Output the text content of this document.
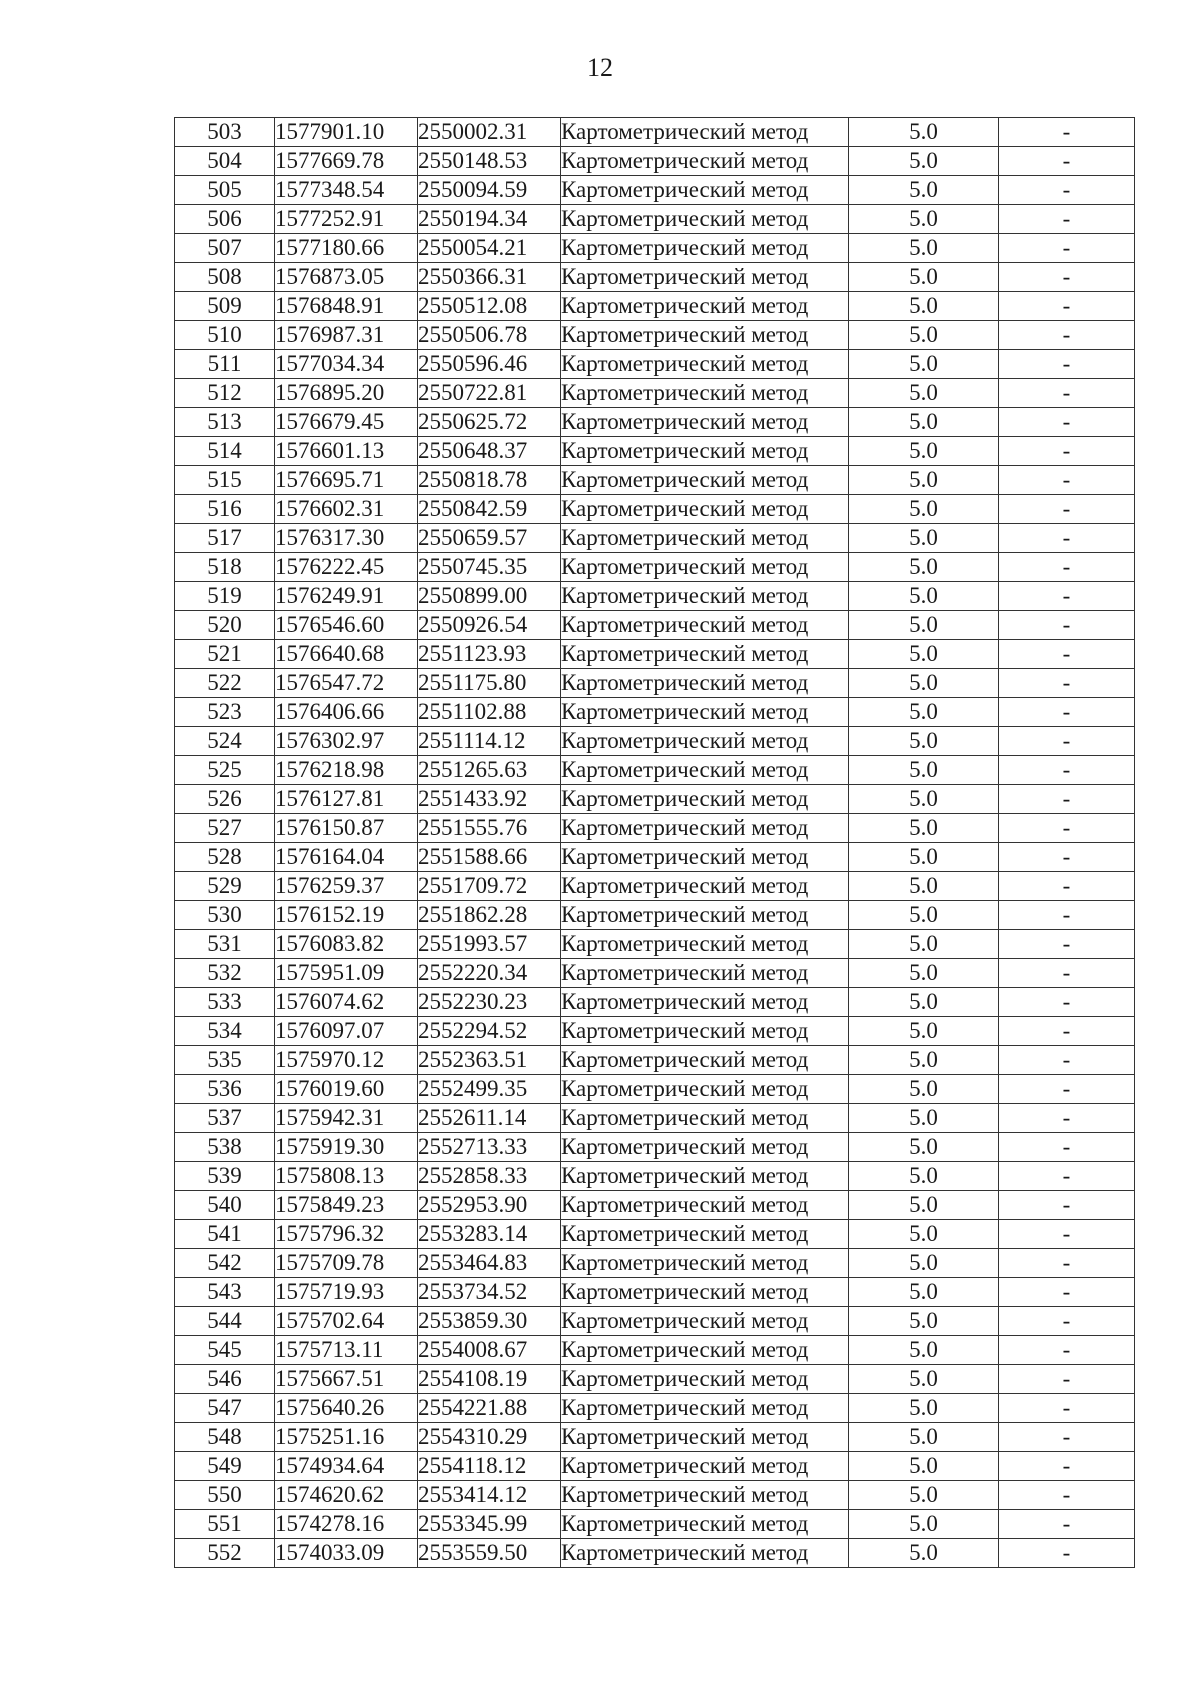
12
503	1577901.10	2550002.31	Картометрический метод	5.0	-
504	1577669.78	2550148.53	Картометрический метод	5.0	-
505	1577348.54	2550094.59	Картометрический метод	5.0	-
506	1577252.91	2550194.34	Картометрический метод	5.0	-
507	1577180.66	2550054.21	Картометрический метод	5.0	-
508	1576873.05	2550366.31	Картометрический метод	5.0	-
509	1576848.91	2550512.08	Картометрический метод	5.0	-
510	1576987.31	2550506.78	Картометрический метод	5.0	-
511	1577034.34	2550596.46	Картометрический метод	5.0	-
512	1576895.20	2550722.81	Картометрический метод	5.0	-
513	1576679.45	2550625.72	Картометрический метод	5.0	-
514	1576601.13	2550648.37	Картометрический метод	5.0	-
515	1576695.71	2550818.78	Картометрический метод	5.0	-
516	1576602.31	2550842.59	Картометрический метод	5.0	-
517	1576317.30	2550659.57	Картометрический метод	5.0	-
518	1576222.45	2550745.35	Картометрический метод	5.0	-
519	1576249.91	2550899.00	Картометрический метод	5.0	-
520	1576546.60	2550926.54	Картометрический метод	5.0	-
521	1576640.68	2551123.93	Картометрический метод	5.0	-
522	1576547.72	2551175.80	Картометрический метод	5.0	-
523	1576406.66	2551102.88	Картометрический метод	5.0	-
524	1576302.97	2551114.12	Картометрический метод	5.0	-
525	1576218.98	2551265.63	Картометрический метод	5.0	-
526	1576127.81	2551433.92	Картометрический метод	5.0	-
527	1576150.87	2551555.76	Картометрический метод	5.0	-
528	1576164.04	2551588.66	Картометрический метод	5.0	-
529	1576259.37	2551709.72	Картометрический метод	5.0	-
530	1576152.19	2551862.28	Картометрический метод	5.0	-
531	1576083.82	2551993.57	Картометрический метод	5.0	-
532	1575951.09	2552220.34	Картометрический метод	5.0	-
533	1576074.62	2552230.23	Картометрический метод	5.0	-
534	1576097.07	2552294.52	Картометрический метод	5.0	-
535	1575970.12	2552363.51	Картометрический метод	5.0	-
536	1576019.60	2552499.35	Картометрический метод	5.0	-
537	1575942.31	2552611.14	Картометрический метод	5.0	-
538	1575919.30	2552713.33	Картометрический метод	5.0	-
539	1575808.13	2552858.33	Картометрический метод	5.0	-
540	1575849.23	2552953.90	Картометрический метод	5.0	-
541	1575796.32	2553283.14	Картометрический метод	5.0	-
542	1575709.78	2553464.83	Картометрический метод	5.0	-
543	1575719.93	2553734.52	Картометрический метод	5.0	-
544	1575702.64	2553859.30	Картометрический метод	5.0	-
545	1575713.11	2554008.67	Картометрический метод	5.0	-
546	1575667.51	2554108.19	Картометрический метод	5.0	-
547	1575640.26	2554221.88	Картометрический метод	5.0	-
548	1575251.16	2554310.29	Картометрический метод	5.0	-
549	1574934.64	2554118.12	Картометрический метод	5.0	-
550	1574620.62	2553414.12	Картометрический метод	5.0	-
551	1574278.16	2553345.99	Картометрический метод	5.0	-
552	1574033.09	2553559.50	Картометрический метод	5.0	-
